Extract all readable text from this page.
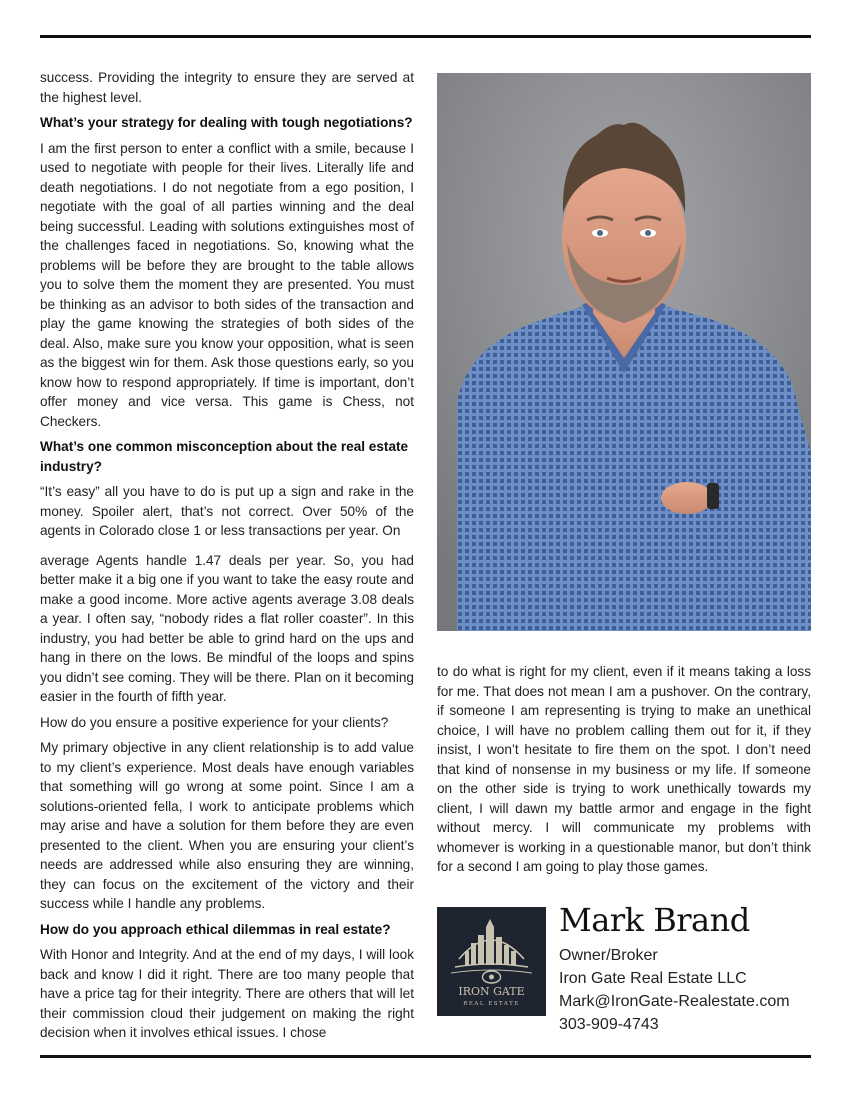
success. Providing the integrity to ensure they are served at the highest level.

What’s your strategy for dealing with tough negotiations?

I am the first person to enter a conflict with a smile, because I used to negotiate with people for their lives. Literally life and death negotiations. I do not negotiate from a ego position, I negotiate with the goal of all parties winning and the deal being successful. Leading with solutions extinguishes most of the challenges faced in negotiations. So, knowing what the problems will be before they are brought to the table allows you to solve them the moment they are presented. You must be thinking as an advisor to both sides of the transaction and play the game knowing the strategies of both sides of the deal. Also, make sure you know your opposition, what is seen as the biggest win for them. Ask those questions early, so you know how to respond appropriately. If time is important, don’t offer money and vice versa. This game is Chess, not Checkers.

What’s one common misconception about the real estate industry?

“It’s easy” all you have to do is put up a sign and rake in the money. Spoiler alert, that’s not correct. Over 50% of the agents in Colorado close 1 or less transactions per year. On

average Agents handle 1.47 deals per year. So, you had better make it a big one if you want to take the easy route and make a good income. More active agents average 3.08 deals a year. I often say, “nobody rides a flat roller coaster”. In this industry, you had better be able to grind hard on the ups and hang in there on the lows. Be mindful of the loops and spins you didn’t see coming. They will be there. Plan on it becoming easier in the fourth of fifth year.

How do you ensure a positive experience for your clients?

My primary objective in any client relationship is to add value to my client’s experience. Most deals have enough variables that something will go wrong at some point. Since I am a solutions-oriented fella, I work to anticipate problems which may arise and have a solution for them before they are even presented to the client. When you are ensuring your client’s needs are addressed while also ensuring they are winning, they can focus on the excitement of the victory and their success while I handle any problems.

How do you approach ethical dilemmas in real estate?

With Honor and Integrity. And at the end of my days, I will look back and know I did it right. There are too many people that have a price tag for their integrity. There are others that will let their commission cloud their judgement on making the right decision when it involves ethical issues. I chose

to do what is right for my client, even if it means taking a loss for me. That does not mean I am a pushover. On the contrary, if someone I am representing is trying to make an unethical choice, I will have no problem calling them out for it, if they insist, I won’t hesitate to fire them on the spot. I don’t need that kind of nonsense in my business or my life. If someone on the other side is trying to work unethically towards my client, I will dawn my battle armor and engage in the fight without mercy. I will communicate my problems with whomever is working in a questionable manor, but don’t think for a second I am going to play those games.

IRON GATE
REAL ESTATE
Mark Brand
Owner/Broker
Iron Gate Real Estate LLC
Mark@IronGate-Realestate.com
303-909-4743
